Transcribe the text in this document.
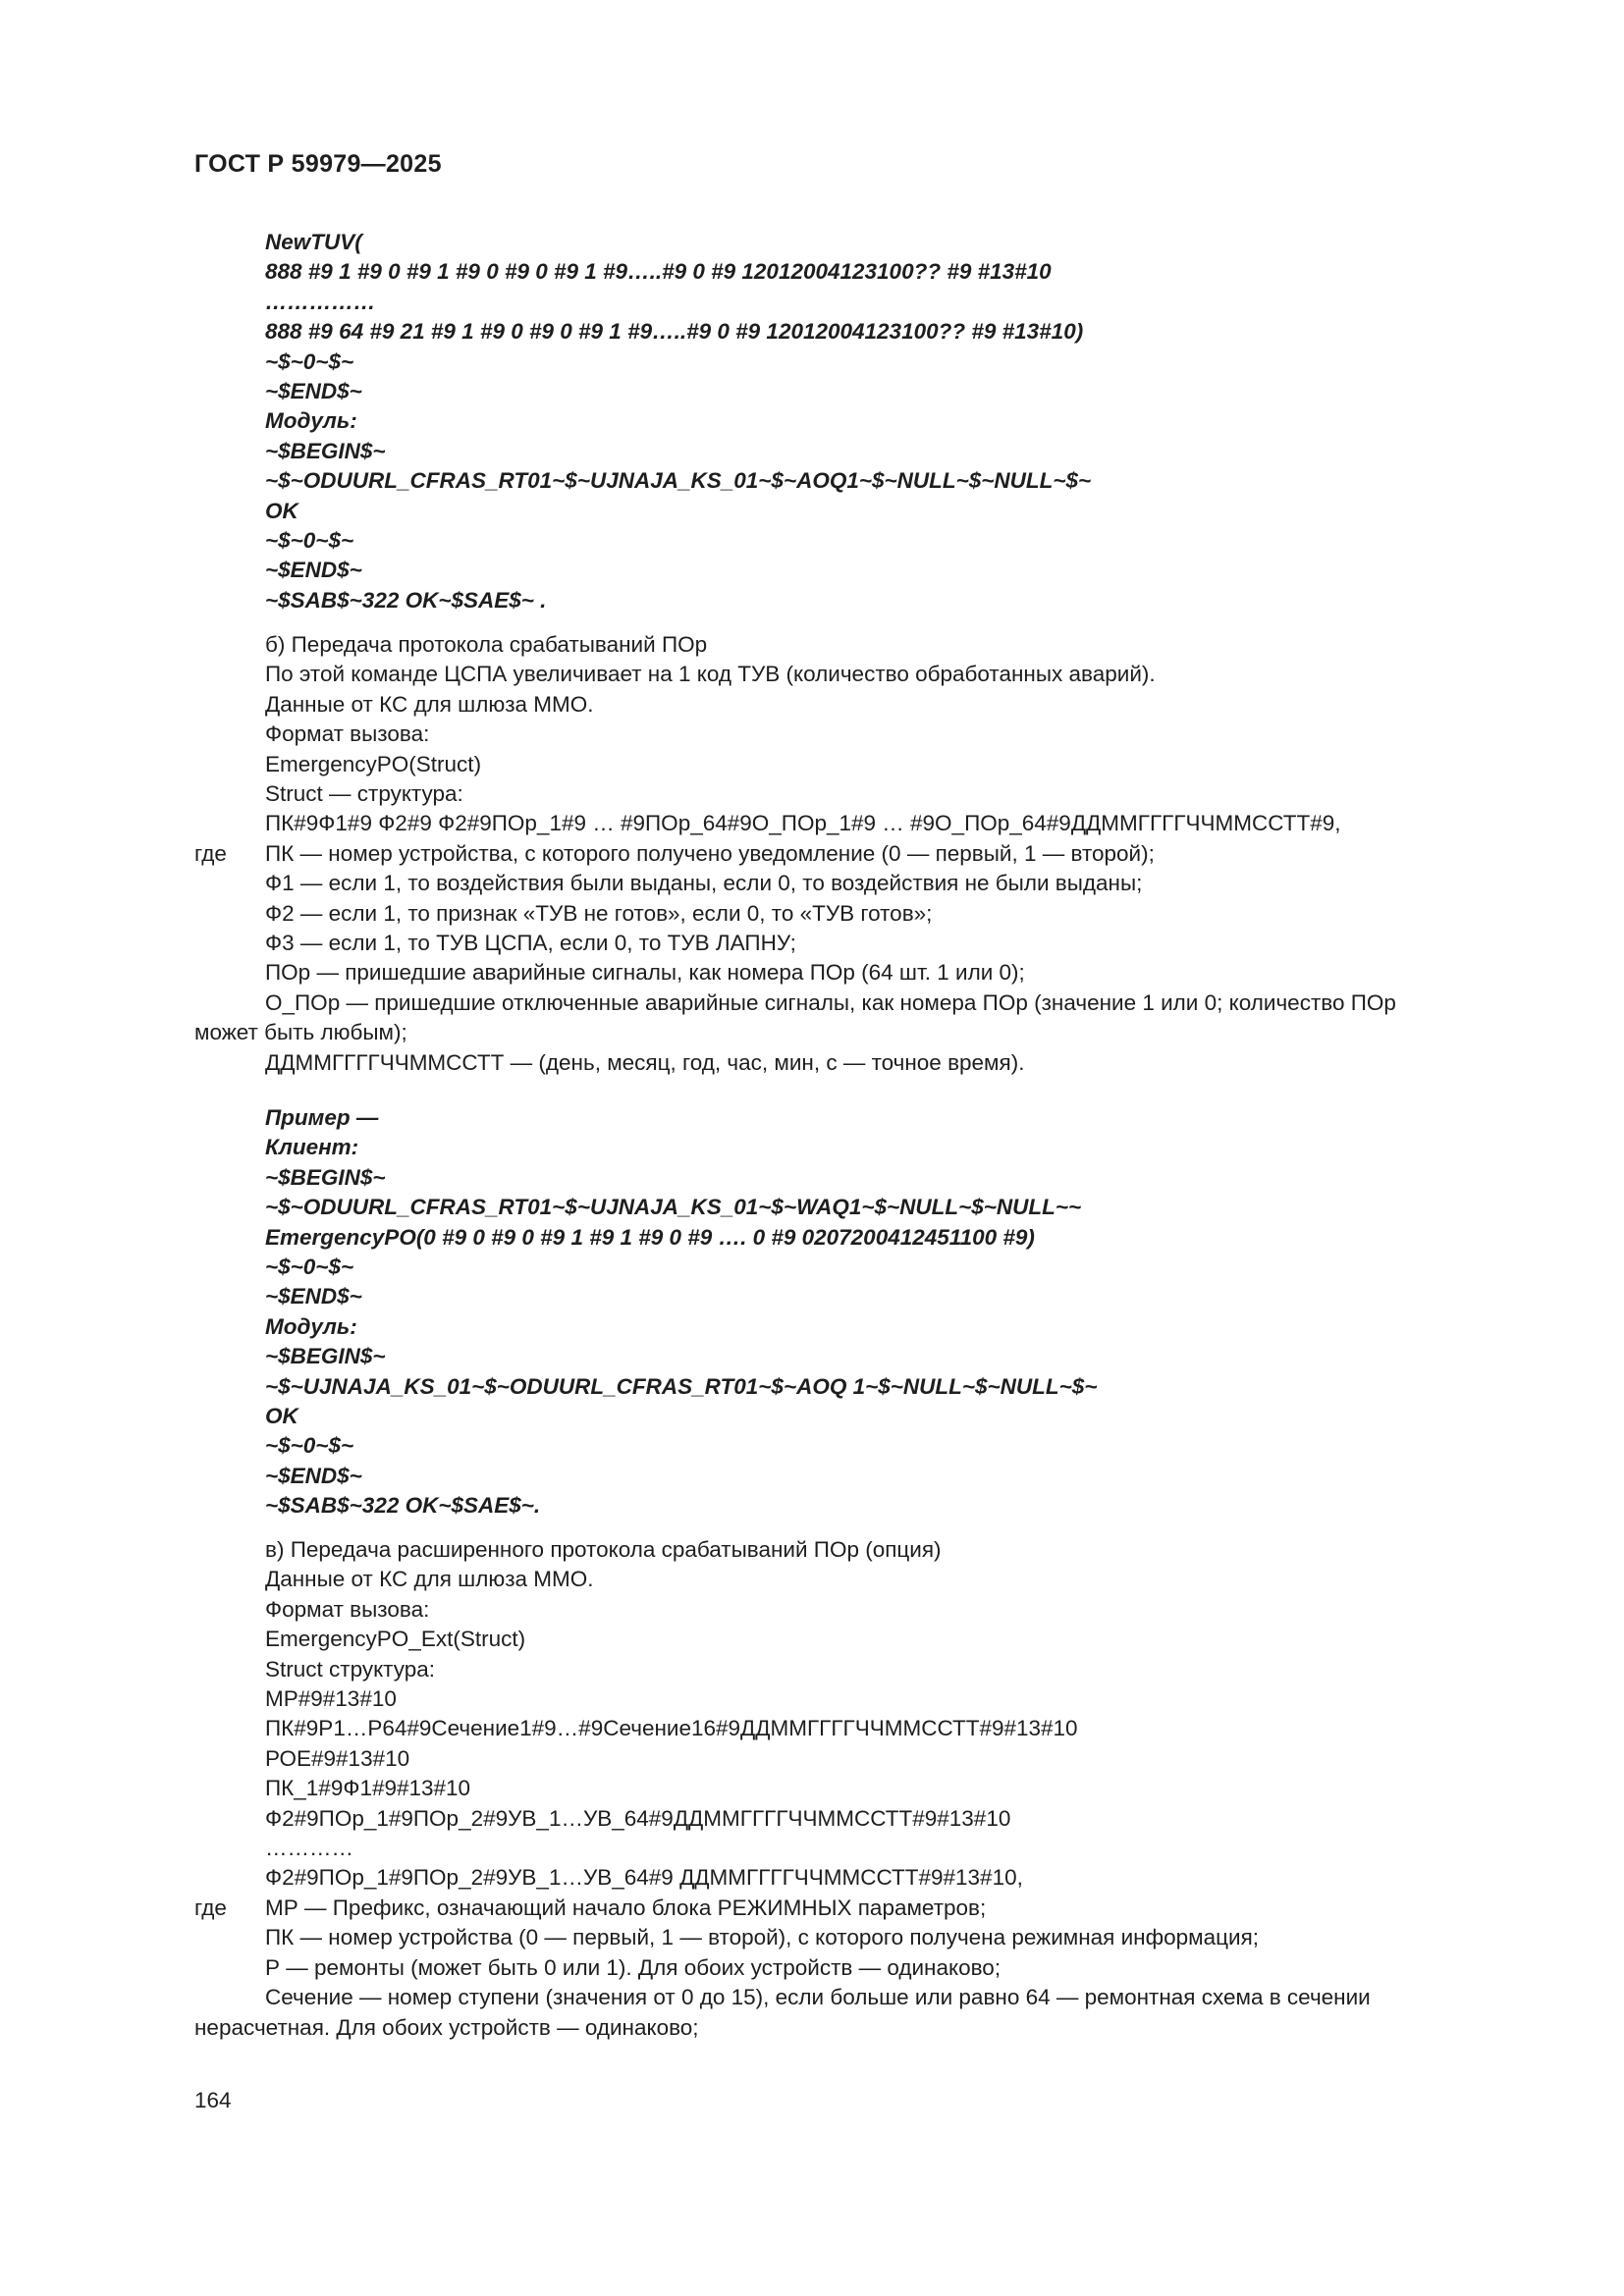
ГОСТ Р 59979—2025
NewTUV(
888 #9 1 #9 0 #9 1 #9 0 #9 0 #9 1 #9…..#9 0 #9 12012004123100?? #9 #13#10
……………
888 #9 64 #9 21 #9 1 #9 0 #9 0 #9 1 #9…..#9 0 #9 12012004123100?? #9 #13#10)
~$~0~$~
~$END$~
Модуль:
~$BEGIN$~
~$~ODUURL_CFRAS_RT01~$~UJNAJA_KS_01~$~AOQ1~$~NULL~$~NULL~$~
OK
~$~0~$~
~$END$~
~$SAB$~322 OK~$SAE$~ .
б) Передача протокола срабатываний ПОр
По этой команде ЦСПА увеличивает на 1 код ТУВ (количество обработанных аварий).
Данные от КС для шлюза ММО.
Формат вызова:
EmergencyPO(Struct)
Struct — структура:
ПК#9Ф1#9 Ф2#9 Ф2#9ПОр_1#9 … #9ПОр_64#9О_ПОр_1#9 … #9О_ПОр_64#9ДДММГГГГЧЧММССТТ#9,
где ПК — номер устройства, с которого получено уведомление (0 — первый, 1 — второй);
Ф1 — если 1, то воздействия были выданы, если 0, то воздействия не были выданы;
Ф2 — если 1, то признак «ТУВ не готов», если 0, то «ТУВ готов»;
Ф3 — если 1, то ТУВ ЦСПА, если 0, то ТУВ ЛАПНУ;
ПОр — пришедшие аварийные сигналы, как номера ПОр (64 шт. 1 или 0);
О_ПОр — пришедшие отключенные аварийные сигналы, как номера ПОр (значение 1 или 0; количество ПОр
может быть любым);
ДДММГГГГЧЧММССТТ — (день, месяц, год, час, мин, с — точное время).
Пример —
Клиент:
~$BEGIN$~
~$~ODUURL_CFRAS_RT01~$~UJNAJA_KS_01~$~WAQ1~$~NULL~$~NULL~~
EmergencyPO(0 #9 0 #9 0 #9 1 #9 1 #9 0 #9 …. 0 #9 0207200412451100 #9)
~$~0~$~
~$END$~
Модуль:
~$BEGIN$~
~$~UJNAJA_KS_01~$~ODUURL_CFRAS_RT01~$~AOQ 1~$~NULL~$~NULL~$~
OK
~$~0~$~
~$END$~
~$SAB$~322 OK~$SAE$~.
в) Передача расширенного протокола срабатываний ПОр (опция)
Данные от КС для шлюза ММО.
Формат вызова:
EmergencyPO_Ext(Struct)
Struct структура:
МР#9#13#10
ПК#9Р1…Р64#9Сечение1#9…#9Сечение16#9ДДММГГГГЧЧММССТТ#9#13#10
РОЕ#9#13#10
ПК_1#9Ф1#9#13#10
Ф2#9ПОр_1#9ПОр_2#9УВ_1…УВ_64#9ДДММГГГГЧЧММССТТ#9#13#10
…………
Ф2#9ПОр_1#9ПОр_2#9УВ_1…УВ_64#9 ДДММГГГГЧЧММССТТ#9#13#10,
где МР — Префикс, означающий начало блока РЕЖИМНЫХ параметров;
ПК — номер устройства (0 — первый, 1 — второй), с которого получена режимная информация;
Р — ремонты (может быть 0 или 1). Для обоих устройств — одинаково;
Сечение — номер ступени (значения от 0 до 15), если больше или равно 64 — ремонтная схема в сечении
нерасчетная. Для обоих устройств — одинаково;
164
